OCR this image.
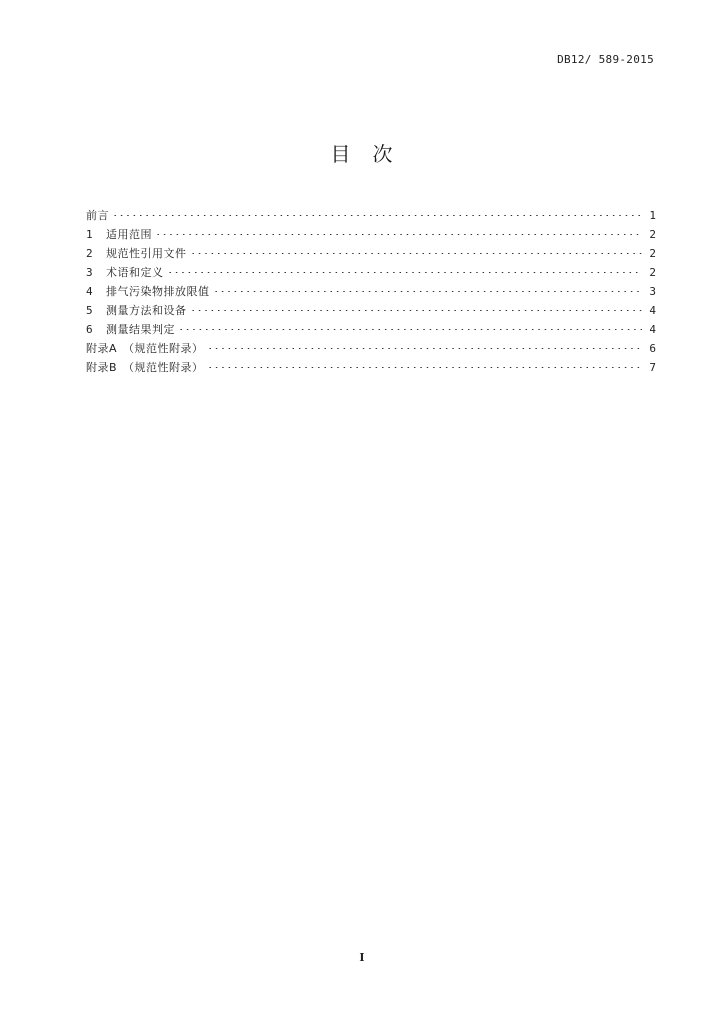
DB12/ 589-2015
目　次
前言	1
1	适用范围	2
2	规范性引用文件	2
3	术语和定义	2
4	排气污染物排放限值	3
5	测量方法和设备	4
6	测量结果判定	4
附录A　（规范性附录）	6
附录B　（规范性附录）	7
I
